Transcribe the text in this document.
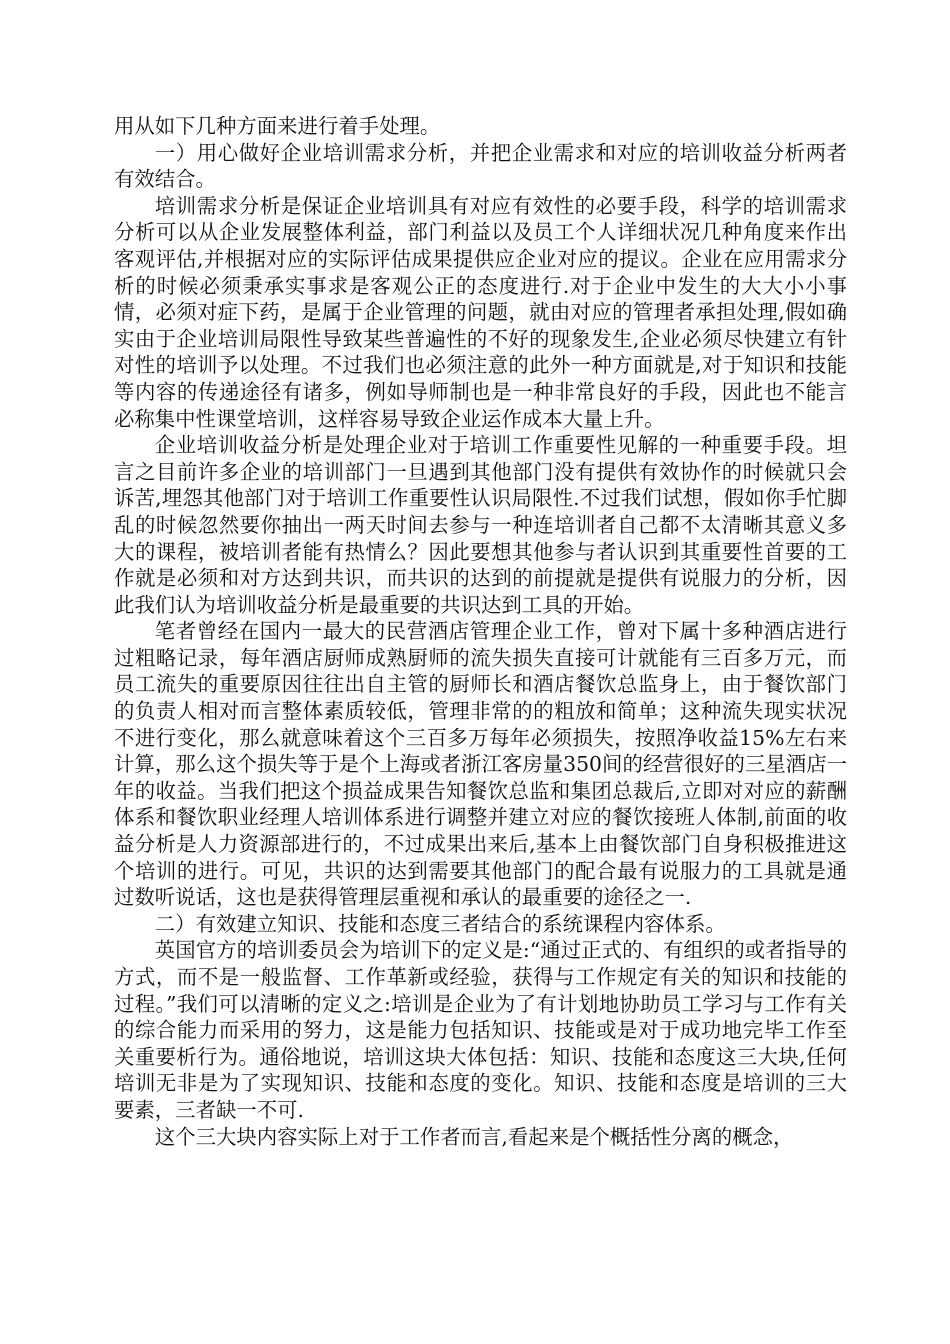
用从如下几种方面来进行着手处理。

一）用心做好企业培训需求分析，并把企业需求和对应的培训收益分析两者有效结合。

培训需求分析是保证企业培训具有对应有效性的必要手段，科学的培训需求分析可以从企业发展整体利益，部门利益以及员工个人详细状况几种角度来作出客观评估,并根据对应的实际评估成果提供应企业对应的提议。企业在应用需求分析的时候必须秉承实事求是客观公正的态度进行.对于企业中发生的大大小小事情，必须对症下药，是属于企业管理的问题，就由对应的管理者承担处理,假如确实由于企业培训局限性导致某些普遍性的不好的现象发生,企业必须尽快建立有针对性的培训予以处理。不过我们也必须注意的此外一种方面就是,对于知识和技能等内容的传递途径有诸多，例如导师制也是一种非常良好的手段，因此也不能言必称集中性课堂培训，这样容易导致企业运作成本大量上升。

企业培训收益分析是处理企业对于培训工作重要性见解的一种重要手段。坦言之目前许多企业的培训部门一旦遇到其他部门没有提供有效协作的时候就只会诉苦,埋怨其他部门对于培训工作重要性认识局限性.不过我们试想，假如你手忙脚乱的时候忽然要你抽出一两天时间去参与一种连培训者自己都不太清晰其意义多大的课程，被培训者能有热情么？因此要想其他参与者认识到其重要性首要的工作就是必须和对方达到共识，而共识的达到的前提就是提供有说服力的分析，因此我们认为培训收益分析是最重要的共识达到工具的开始。

笔者曾经在国内一最大的民营酒店管理企业工作，曾对下属十多种酒店进行过粗略记录，每年酒店厨师成熟厨师的流失损失直接可计就能有三百多万元，而员工流失的重要原因往往出自主管的厨师长和酒店餐饮总监身上，由于餐饮部门的负责人相对而言整体素质较低，管理非常的的粗放和简单；这种流失现实状况不进行变化，那么就意味着这个三百多万每年必须损失，按照净收益15%左右来计算，那么这个损失等于是个上海或者浙江客房量350间的经营很好的三星酒店一年的收益。当我们把这个损益成果告知餐饮总监和集团总裁后,立即对对应的薪酬体系和餐饮职业经理人培训体系进行调整并建立对应的餐饮接班人体制,前面的收益分析是人力资源部进行的，不过成果出来后,基本上由餐饮部门自身积极推进这个培训的进行。可见，共识的达到需要其他部门的配合最有说服力的工具就是通过数听说话，这也是获得管理层重视和承认的最重要的途径之一.

二）有效建立知识、技能和态度三者结合的系统课程内容体系。

英国官方的培训委员会为培训下的定义是:“通过正式的、有组织的或者指导的方式，而不是一般监督、工作革新或经验，获得与工作规定有关的知识和技能的过程。”我们可以清晰的定义之:培训是企业为了有计划地协助员工学习与工作有关的综合能力而采用的努力，这是能力包括知识、技能或是对于成功地完毕工作至关重要析行为。通俗地说，培训这块大体包括：知识、技能和态度这三大块,任何培训无非是为了实现知识、技能和态度的变化。知识、技能和态度是培训的三大要素，三者缺一不可.

这个三大块内容实际上对于工作者而言,看起来是个概括性分离的概念，
